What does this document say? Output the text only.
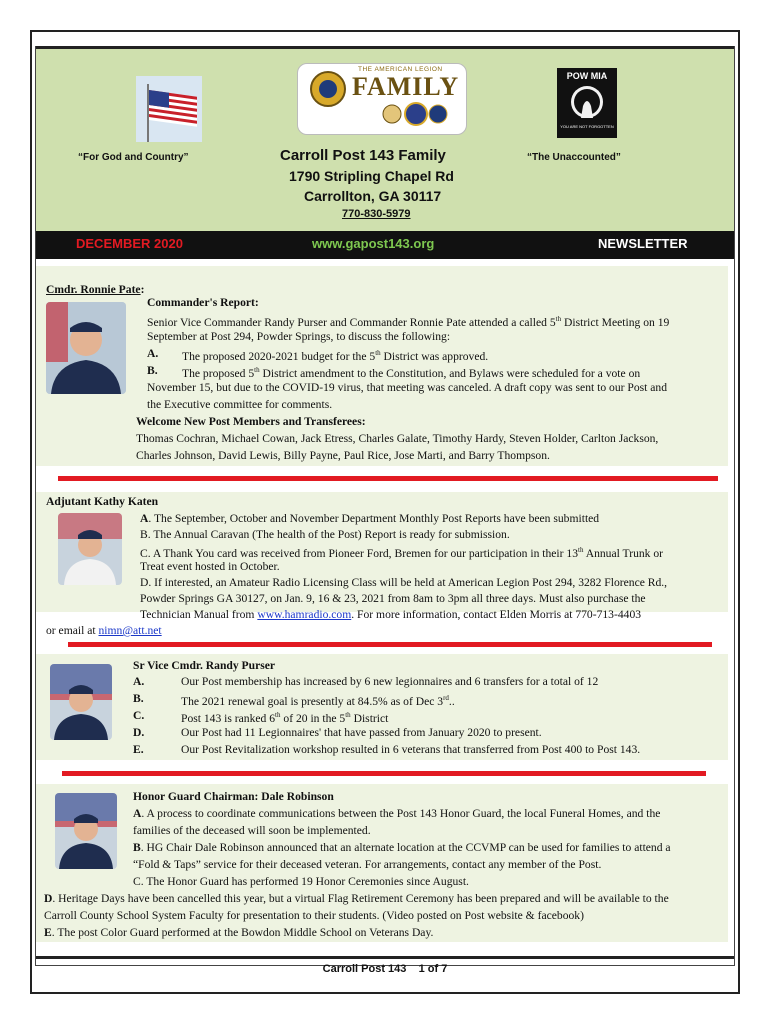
THE AMERICAN LEGION
FAMILY	POW MIA
YOU ARE NOT FORGOTTEN
“For God and Country”	“The Unaccounted”
Carroll Post 143 Family
1790 Stripling Chapel Rd
Carrollton, GA 30117
770-830-5979
DECEMBER 2020	www.gapost143.org	NEWSLETTER
Cmdr. Ronnie Pate:
Commander's Report:
Senior Vice Commander Randy Purser and Commander Ronnie Pate attended a called 5th District Meeting on 19
September at Post 294, Powder Springs, to discuss the following:
A. The proposed 2020-2021 budget for the 5th District was approved.
B. The proposed 5th District amendment to the Constitution, and Bylaws were scheduled for a vote on
November 15, but due to the COVID-19 virus, that meeting was canceled. A draft copy was sent to our Post and
the Executive committee for comments.
Welcome New Post Members and Transferees:
Thomas Cochran, Michael Cowan, Jack Etress, Charles Galate, Timothy Hardy, Steven Holder, Carlton Jackson,
Charles Johnson, David Lewis, Billy Payne, Paul Rice, Jose Marti, and Barry Thompson.
Adjutant Kathy Katen
A. The September, October and November Department Monthly Post Reports have been submitted
B. The Annual Caravan (The health of the Post) Report is ready for submission.
C. A Thank You card was received from Pioneer Ford, Bremen for our participation in their 13th Annual Trunk or
Treat event hosted in October.
D. If interested, an Amateur Radio Licensing Class will be held at American Legion Post 294, 3282 Florence Rd.,
Powder Springs GA 30127, on Jan. 9, 16 & 23, 2021 from 8am to 3pm all three days. Must also purchase the
Technician Manual from www.hamradio.com. For more information, contact Elden Morris at 770-713-4403
or email at nimn@att.net
Sr Vice Cmdr. Randy Purser
A.	Our Post membership has increased by 6 new legionnaires and 6 transfers for a total of 12
B.	The 2021 renewal goal is presently at 84.5% as of Dec 3rd..
C.	Post 143 is ranked 6th of 20 in the 5th District
D.	Our Post had 11 Legionnaires' that have passed from January 2020 to present.
E.	Our Post Revitalization workshop resulted in 6 veterans that transferred from Post 400 to Post 143.
Honor Guard Chairman: Dale Robinson
A. A process to coordinate communications between the Post 143 Honor Guard, the local Funeral Homes, and the
families of the deceased will soon be implemented.
B. HG Chair Dale Robinson announced that an alternate location at the CCVMP can be used for families to attend a
“Fold & Taps” service for their deceased veteran. For arrangements, contact any member of the Post.
C. The Honor Guard has performed 19 Honor Ceremonies since August.
D. Heritage Days have been cancelled this year, but a virtual Flag Retirement Ceremony has been prepared and will be available to the
Carroll County School System Faculty for presentation to their students. (Video posted on Post website & facebook)
E. The post Color Guard performed at the Bowdon Middle School on Veterans Day.
Carroll Post 143    1 of 7
